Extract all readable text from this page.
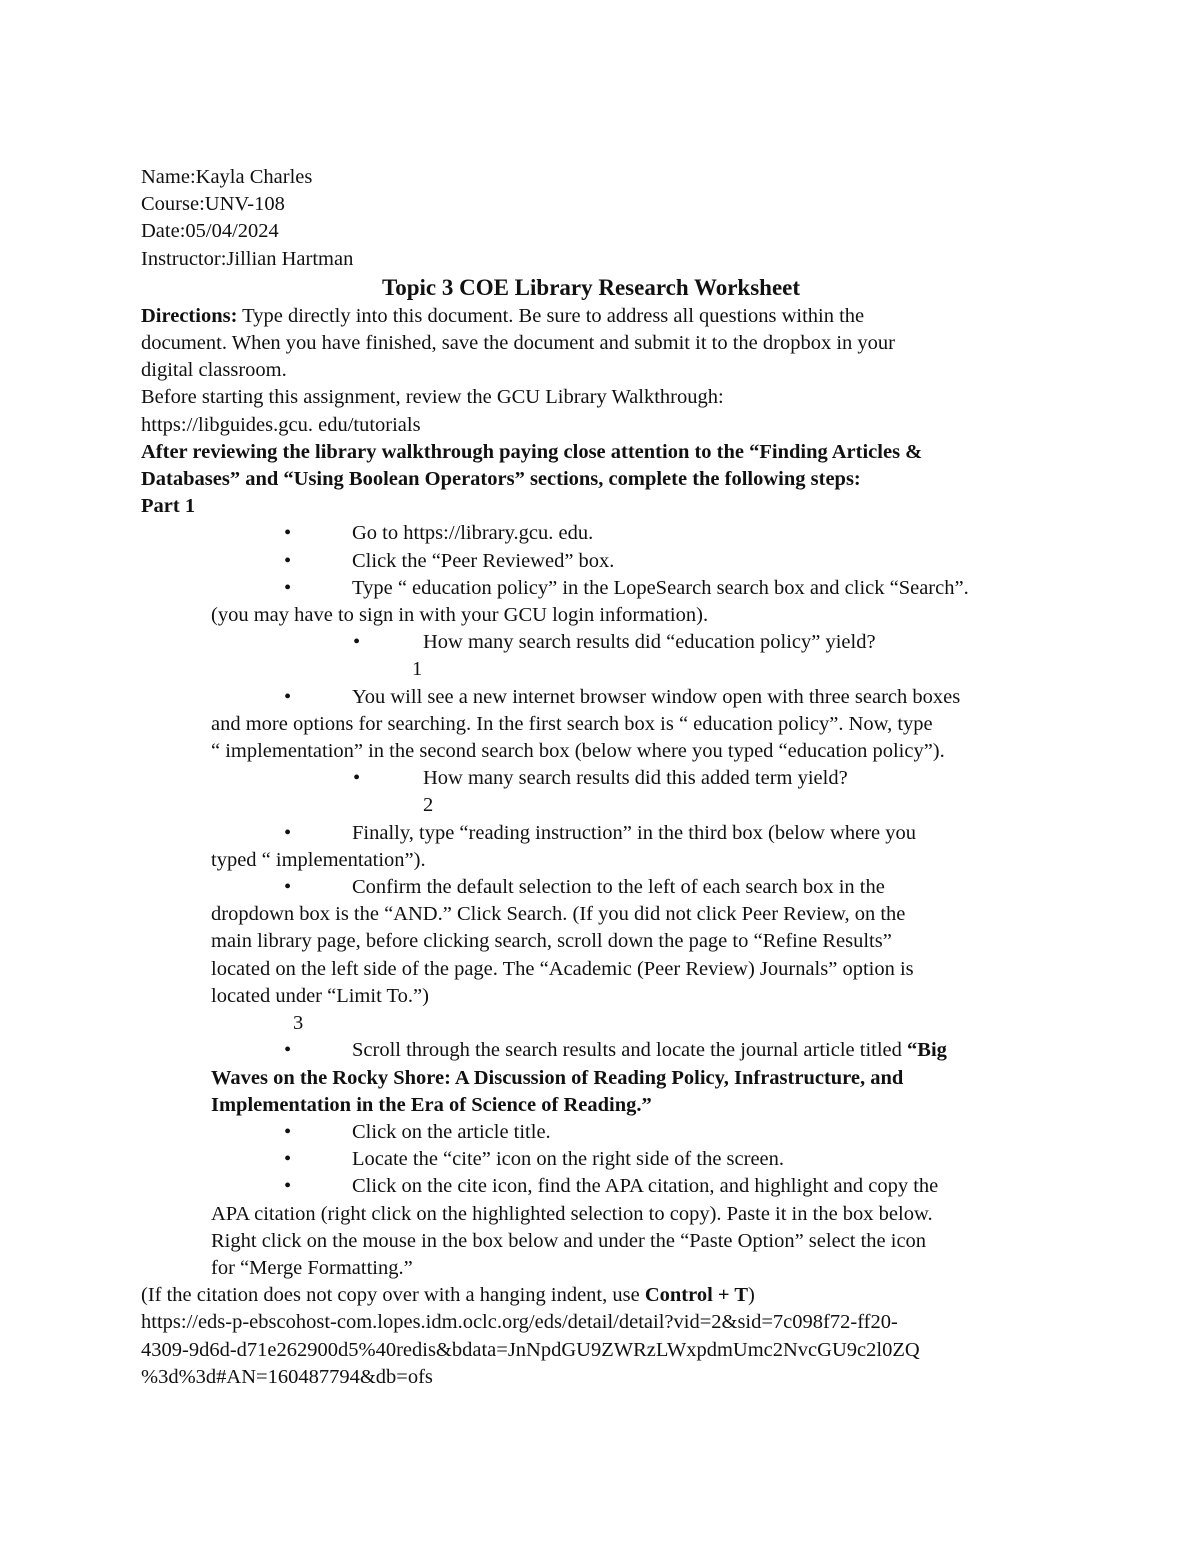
Name:Kayla Charles
Course:UNV-108
Date:05/04/2024
Instructor:Jillian Hartman
Topic 3 COE Library Research Worksheet
Directions: Type directly into this document. Be sure to address all questions within the
document. When you have finished, save the document and submit it to the dropbox in your
digital classroom.
Before starting this assignment, review the GCU Library Walkthrough:
https://libguides.gcu. edu/tutorials
After reviewing the library walkthrough paying close attention to the “Finding Articles &
Databases” and “Using Boolean Operators” sections, complete the following steps:
Part 1
•	Go to https://library.gcu. edu.
•	Click the “Peer Reviewed” box.
•	Type “ education policy” in the LopeSearch search box and click “Search”.
(you may have to sign in with your GCU login information).
•	How many search results did “education policy” yield?
1
•	You will see a new internet browser window open with three search boxes
and more options for searching. In the first search box is “ education policy”. Now, type
“ implementation” in the second search box (below where you typed “education policy”).
•	How many search results did this added term yield?
2
•	Finally, type “reading instruction” in the third box (below where you
typed “ implementation”).
•	Confirm the default selection to the left of each search box in the
dropdown box is the “AND.” Click Search. (If you did not click Peer Review, on the
main library page, before clicking search, scroll down the page to “Refine Results”
located on the left side of the page. The “Academic (Peer Review) Journals” option is
located under “Limit To.”)
3
•	Scroll through the search results and locate the journal article titled “Big
Waves on the Rocky Shore: A Discussion of Reading Policy, Infrastructure, and
Implementation in the Era of Science of Reading.”
•	Click on the article title.
•	Locate the “cite” icon on the right side of the screen.
•	Click on the cite icon, find the APA citation, and highlight and copy the
APA citation (right click on the highlighted selection to copy). Paste it in the box below.
Right click on the mouse in the box below and under the “Paste Option” select the icon
for “Merge Formatting.”
(If the citation does not copy over with a hanging indent, use Control + T)
https://eds-p-ebscohost-com.lopes.idm.oclc.org/eds/detail/detail?vid=2&sid=7c098f72-ff20-
4309-9d6d-d71e262900d5%40redis&bdata=JnNpdGU9ZWRzLWxpdmUmc2NvcGU9c2l0ZQ
%3d%3d#AN=160487794&db=ofs
